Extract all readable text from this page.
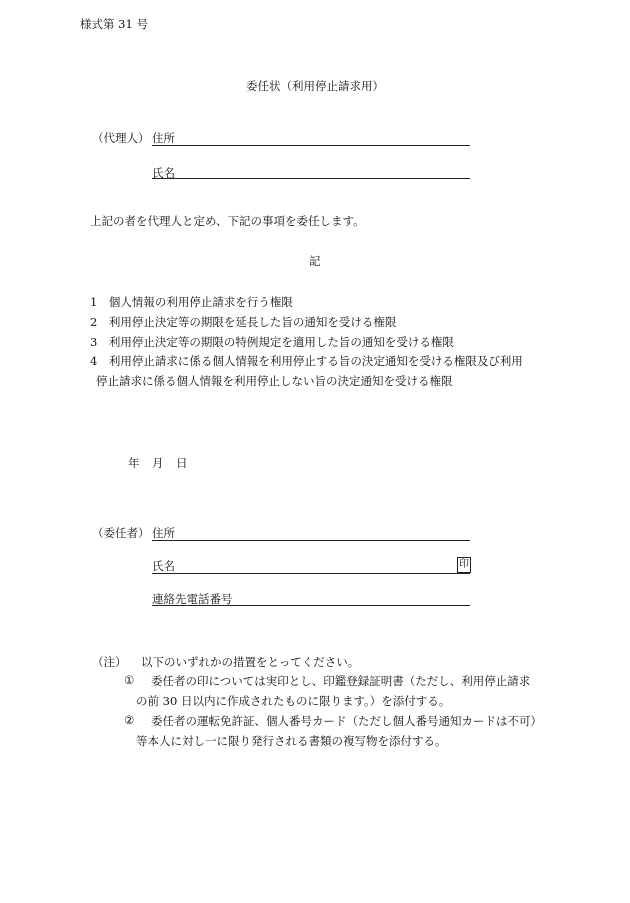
様式第 31 号
委任状（利用停止請求用）
（代理人） 住所
氏名
上記の者を代理人と定め、下記の事項を委任します。
記
1　個人情報の利用停止請求を行う権限
2　利用停止決定等の期限を延長した旨の通知を受ける権限
3　利用停止決定等の期限の特例規定を適用した旨の通知を受ける権限
4　利用停止請求に係る個人情報を利用停止する旨の決定通知を受ける権限及び利用
停止請求に係る個人情報を利用停止しない旨の決定通知を受ける権限
年 月 日
（委任者） 住所
氏名	印
連絡先電話番号
（注） 以下のいずれかの措置をとってください。
① 委任者の印については実印とし、印鑑登録証明書（ただし、利用停止請求
の前 30 日以内に作成されたものに限ります。）を添付する。
② 委任者の運転免許証、個人番号カード（ただし個人番号通知カードは不可）
等本人に対し一に限り発行される書類の複写物を添付する。
